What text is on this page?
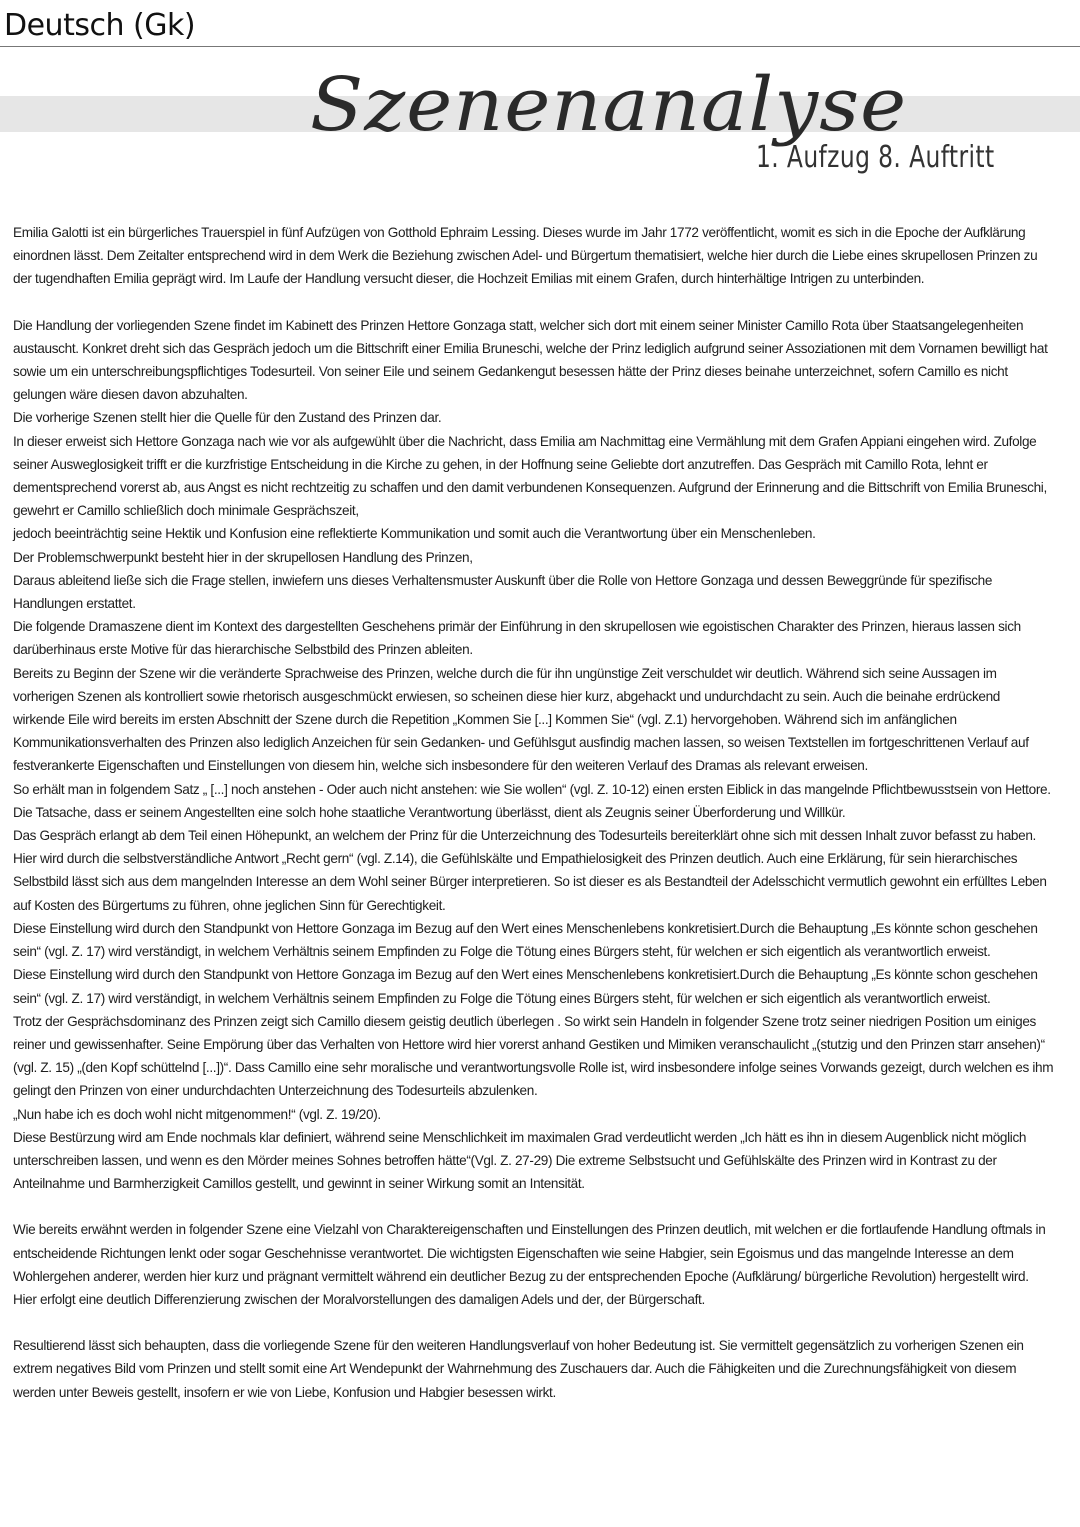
Deutsch (Gk)
Szenenanalyse
1. Aufzug 8. Auftritt

Emilia Galotti ist ein bürgerliches Trauerspiel in fünf Aufzügen von Gotthold Ephraim Lessing. Dieses wurde im Jahr 1772 veröffentlicht, womit es sich in die Epoche der Aufklärung einordnen lässt. Dem Zeitalter entsprechend wird in dem Werk die Beziehung zwischen Adel- und Bürgertum thematisiert, welche hier durch die Liebe eines skrupellosen Prinzen zu der tugendhaften Emilia geprägt wird. Im Laufe der Handlung versucht dieser, die Hochzeit Emilias mit einem Grafen, durch hinterhältige Intrigen zu unterbinden.

Die Handlung der vorliegenden Szene findet im Kabinett des Prinzen Hettore Gonzaga statt, welcher sich dort mit einem seiner Minister Camillo Rota über Staatsangelegenheiten austauscht. Konkret dreht sich das Gespräch jedoch um die Bittschrift einer Emilia Bruneschi, welche der Prinz lediglich aufgrund seiner Assoziationen mit dem Vornamen bewilligt hat sowie um ein unterschreibungspflichtiges Todesurteil. Von seiner Eile und seinem Gedankengut besessen hätte der Prinz dieses beinahe unterzeichnet, sofern Camillo es nicht gelungen wäre diesen davon abzuhalten.

Die vorherige Szenen stellt hier die Quelle für den Zustand des Prinzen dar.

In dieser erweist sich Hettore Gonzaga nach wie vor als aufgewühlt über die Nachricht, dass Emilia am Nachmittag eine Vermählung mit dem Grafen Appiani eingehen wird. Zufolge seiner Ausweglosigkeit trifft er die kurzfristige Entscheidung in die Kirche zu gehen, in der Hoffnung seine Geliebte dort anzutreffen. Das Gespräch mit Camillo Rota, lehnt er dementsprechend vorerst ab, aus Angst es nicht rechtzeitig zu schaffen und den damit verbundenen Konsequenzen. Aufgrund der Erinnerung and die Bittschrift von Emilia Bruneschi, gewehrt er Camillo schließlich doch minimale Gesprächszeit,

jedoch beeinträchtig seine Hektik und Konfusion eine reflektierte Kommunikation und somit auch die Verantwortung über ein Menschenleben.

Der Problemschwerpunkt besteht hier in der skrupellosen Handlung des Prinzen,

Daraus ableitend ließe sich die Frage stellen, inwiefern uns dieses Verhaltensmuster Auskunft über die Rolle von Hettore Gonzaga und dessen Beweggründe für spezifische Handlungen erstattet.

Die folgende Dramaszene dient im Kontext des dargestellten Geschehens primär der Einführung in den skrupellosen wie egoistischen Charakter des Prinzen, hieraus lassen sich darüberhinaus erste Motive für das hierarchische Selbstbild des Prinzen ableiten.

Bereits zu Beginn der Szene wir die veränderte Sprachweise des Prinzen, welche durch die für ihn ungünstige Zeit verschuldet wir deutlich. Während sich seine Aussagen im vorherigen Szenen als kontrolliert sowie rhetorisch ausgeschmückt erwiesen, so scheinen diese hier kurz, abgehackt und undurchdacht zu sein. Auch die beinahe erdrückend wirkende Eile wird bereits im ersten Abschnitt der Szene durch die Repetition „Kommen Sie [...] Kommen Sie“ (vgl. Z.1) hervorgehoben. Während sich im anfänglichen Kommunikationsverhalten des Prinzen also lediglich Anzeichen für sein Gedanken- und Gefühlsgut ausfindig machen lassen, so weisen Textstellen im fortgeschrittenen Verlauf auf festverankerte Eigenschaften und Einstellungen von diesem hin, welche sich insbesondere für den weiteren Verlauf des Dramas als relevant erweisen.

So erhält man in folgendem Satz „ [...] noch anstehen - Oder auch nicht anstehen: wie Sie wollen“ (vgl. Z. 10-12) einen ersten Eiblick in das mangelnde Pflichtbewusstsein von Hettore. Die Tatsache, dass er seinem Angestellten eine solch hohe staatliche Verantwortung überlässt, dient als Zeugnis seiner Überforderung und Willkür.

Das Gespräch erlangt ab dem Teil einen Höhepunkt, an welchem der Prinz für die Unterzeichnung des Todesurteils bereiterklärt ohne sich mit dessen Inhalt zuvor befasst zu haben.

Hier wird durch die selbstverständliche Antwort „Recht gern“ (vgl. Z.14), die Gefühlskälte und Empathielosigkeit des Prinzen deutlich. Auch eine Erklärung, für sein hierarchisches Selbstbild lässt sich aus dem mangelnden Interesse an dem Wohl seiner Bürger interpretieren. So ist dieser es als Bestandteil der Adelsschicht vermutlich gewohnt ein erfülltes Leben auf Kosten des Bürgertums zu führen, ohne jeglichen Sinn für Gerechtigkeit.

Diese Einstellung wird durch den Standpunkt von Hettore Gonzaga im Bezug auf den Wert eines Menschenlebens konkretisiert.Durch die Behauptung „Es könnte schon geschehen sein“ (vgl. Z. 17) wird verständigt, in welchem Verhältnis seinem Empfinden zu Folge die Tötung eines Bürgers steht, für welchen er sich eigentlich als verantwortlich erweist.

Diese Einstellung wird durch den Standpunkt von Hettore Gonzaga im Bezug auf den Wert eines Menschenlebens konkretisiert.Durch die Behauptung „Es könnte schon geschehen sein“ (vgl. Z. 17) wird verständigt, in welchem Verhältnis seinem Empfinden zu Folge die Tötung eines Bürgers steht, für welchen er sich eigentlich als verantwortlich erweist.

Trotz der Gesprächsdominanz des Prinzen zeigt sich Camillo diesem geistig deutlich überlegen . So wirkt sein Handeln in folgender Szene trotz seiner niedrigen Position um einiges reiner und gewissenhafter. Seine Empörung über das Verhalten von Hettore wird hier vorerst anhand Gestiken und Mimiken veranschaulicht „(stutzig und den Prinzen starr ansehen)“ (vgl. Z. 15) „(den Kopf schüttelnd [...])“. Dass Camillo eine sehr moralische und verantwortungsvolle Rolle ist, wird insbesondere infolge seines Vorwands gezeigt, durch welchen es ihm gelingt den Prinzen von einer undurchdachten Unterzeichnung des Todesurteils abzulenken.

„Nun habe ich es doch wohl nicht mitgenommen!“ (vgl. Z. 19/20).

Diese Bestürzung wird am Ende nochmals klar definiert, während seine Menschlichkeit im maximalen Grad verdeutlicht werden „Ich hätt es ihn in diesem Augenblick nicht möglich unterschreiben lassen, und wenn es den Mörder meines Sohnes betroffen hätte“(Vgl. Z. 27-29) Die extreme Selbstsucht und Gefühlskälte des Prinzen wird in Kontrast zu der Anteilnahme und Barmherzigkeit Camillos gestellt, und gewinnt in seiner Wirkung somit an Intensität.

Wie bereits erwähnt werden in folgender Szene eine Vielzahl von Charaktereigenschaften und Einstellungen des Prinzen deutlich, mit welchen er die fortlaufende Handlung oftmals in entscheidende Richtungen lenkt oder sogar Geschehnisse verantwortet. Die wichtigsten Eigenschaften wie seine Habgier, sein Egoismus und das mangelnde Interesse an dem Wohlergehen anderer, werden hier kurz und prägnant vermittelt während ein deutlicher Bezug zu der entsprechenden Epoche (Aufklärung/ bürgerliche Revolution) hergestellt wird.

Hier erfolgt eine deutlich Differenzierung zwischen der Moralvorstellungen des damaligen Adels und der, der Bürgerschaft.

Resultierend lässt sich behaupten, dass die vorliegende Szene für den weiteren Handlungsverlauf von hoher Bedeutung ist. Sie vermittelt gegensätzlich zu vorherigen Szenen ein extrem negatives Bild vom Prinzen und stellt somit eine Art Wendepunkt der Wahrnehmung des Zuschauers dar. Auch die Fähigkeiten und die Zurechnungsfähigkeit von diesem werden unter Beweis gestellt, insofern er wie von Liebe, Konfusion und Habgier besessen wirkt.
